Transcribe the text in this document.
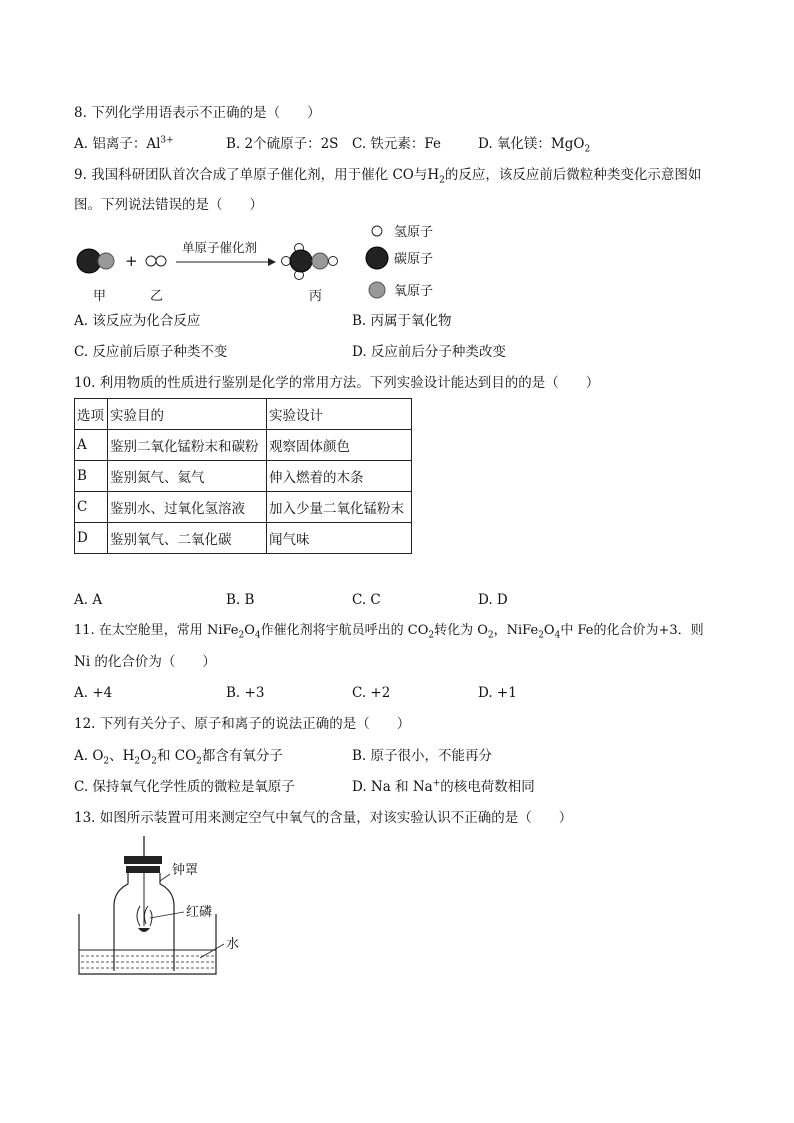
8. 下列化学用语表示不正确的是（　　）
A. 铝离子：$Al^{3+}$	B. 2个硫原子：2S C. 铁元素：Fe	D. 氧化镁：MgO$_2$
9. 我国科研团队首次合成了单原子催化剂，用于催化 CO与$H_2$的反应，该反应前后微粒种类变化示意图如
图。下列说法错误的是（　　）
+
单原子催化剂
甲	乙	丙
氢原子
碳原子
氧原子
A. 该反应为化合反应	B. 丙属于氧化物
C. 反应前后原子种类不变	D. 反应前后分子种类改变
10. 利用物质的性质进行鉴别是化学的常用方法。下列实验设计能达到目的的是（　　）
选项	实验目的	实验设计
A	鉴别二氧化锰粉末和碳粉	观察固体颜色
B	鉴别氮气、氦气	伸入燃着的木条
C	鉴别水、过氧化氢溶液	加入少量二氧化锰粉末
D	鉴别氧气、二氧化碳	闻气味
A. A	B. B	C. C	D. D
11. 在太空舱里，常用 $NiFe_2O_4$作催化剂将宇航员呼出的 $CO_2$转化为 $O_2$，$NiFe_2O_4$中 Fe的化合价为+3．则
Ni 的化合价为（　　）
A. +4	B. +3	C. +2	D. +1
12. 下列有关分子、原子和离子的说法正确的是（　　）
A. $O_2$、$H_2O_2$和 $CO_2$都含有氧分子	B. 原子很小，不能再分
C. 保持氧气化学性质的微粒是氧原子	D. Na 和 Na+的核电荷数相同
13. 如图所示装置可用来测定空气中氧气的含量，对该实验认识不正确的是（　　）
钟罩
红磷
水
